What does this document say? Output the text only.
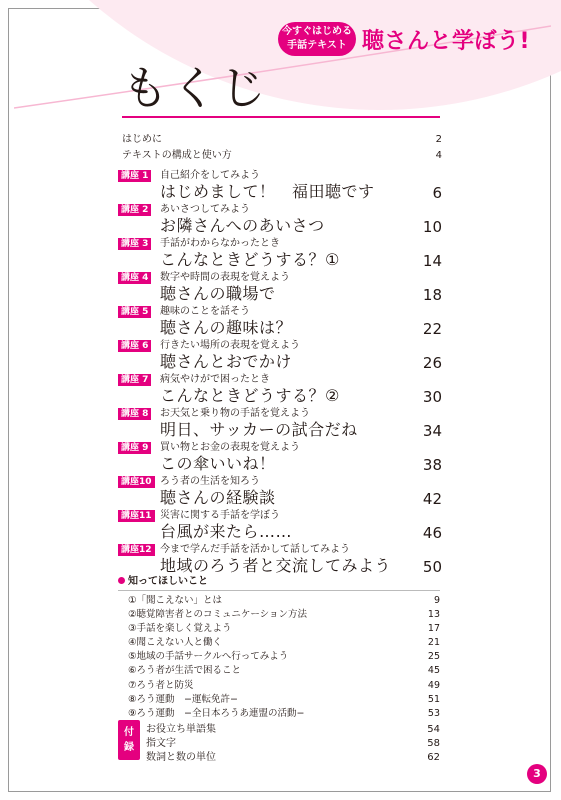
今すぐはじめる
手話テキスト 聴さんと学ぼう!
もくじ
はじめに	2
テキストの構成と使い方	4
講座 1	自己紹介をしてみよう
はじめまして！　福田聴です	6
講座 2	あいさつしてみよう
お隣さんへのあいさつ	10
講座 3	手話がわからなかったとき
こんなときどうする？①	14
講座 4	数字や時間の表現を覚えよう
聴さんの職場で	18
講座 5	趣味のことを話そう
聴さんの趣味は？	22
講座 6	行きたい場所の表現を覚えよう
聴さんとおでかけ	26
講座 7	病気やけがで困ったとき
こんなときどうする？②	30
講座 8	お天気と乗り物の手話を覚えよう
明日、サッカーの試合だね	34
講座 9	買い物とお金の表現を覚えよう
この傘いいね！	38
講座10 ろう者の生活を知ろう
聴さんの経験談	42
講座11 災害に関する手話を学ぼう
台風が来たら……	46
講座12 今まで学んだ手話を活かして話してみよう
地域のろう者と交流してみよう 50
知ってほしいこと
①「聞こえない」とは	9
②聴覚障害者とのコミュニケーション方法	13
③手話を楽しく覚えよう	17
④聞こえない人と働く	21
⑤地域の手話サークルへ行ってみよう	25
⑥ろう者が生活で困ること	45
⑦ろう者と防災	49
⑧ろう運動　−運転免許−	51
⑨ろう運動　−全日本ろうあ連盟の活動−	53
付
録
お役立ち単語集	54
指文字	58
数詞と数の単位	62
3
